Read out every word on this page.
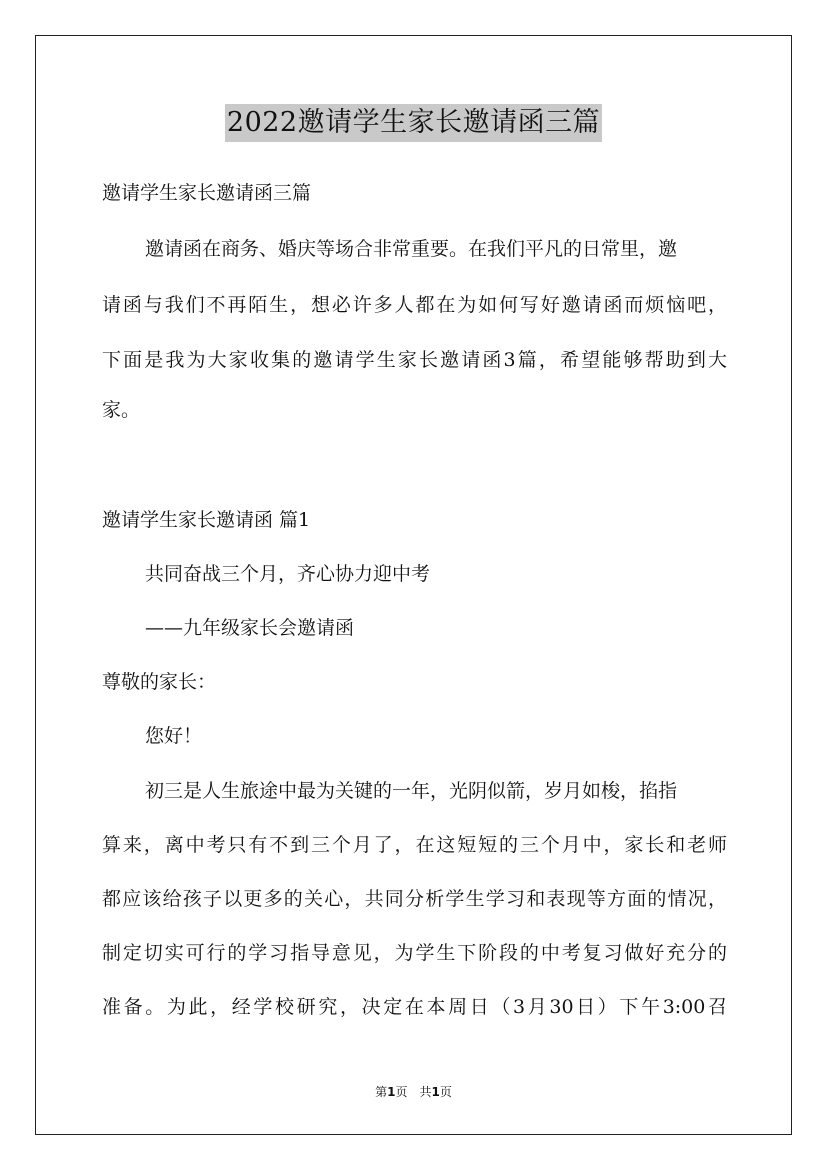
2022邀请学生家长邀请函三篇
邀请学生家长邀请函三篇
邀请函在商务、婚庆等场合非常重要。在我们平凡的日常里，邀
请函与我们不再陌生，想必许多人都在为如何写好邀请函而烦恼吧，
下面是我为大家收集的邀请学生家长邀请函3篇，希望能够帮助到大
家。
邀请学生家长邀请函 篇1
共同奋战三个月，齐心协力迎中考
——九年级家长会邀请函
尊敬的家长：
您好！
初三是人生旅途中最为关键的一年，光阴似箭，岁月如梭，掐指
算来，离中考只有不到三个月了，在这短短的三个月中，家长和老师
都应该给孩子以更多的关心，共同分析学生学习和表现等方面的情况，
制定切实可行的学习指导意见，为学生下阶段的中考复习做好充分的
准备。为此，经学校研究，决定在本周日（3月30日）下午3:00召
第1页　共1页
